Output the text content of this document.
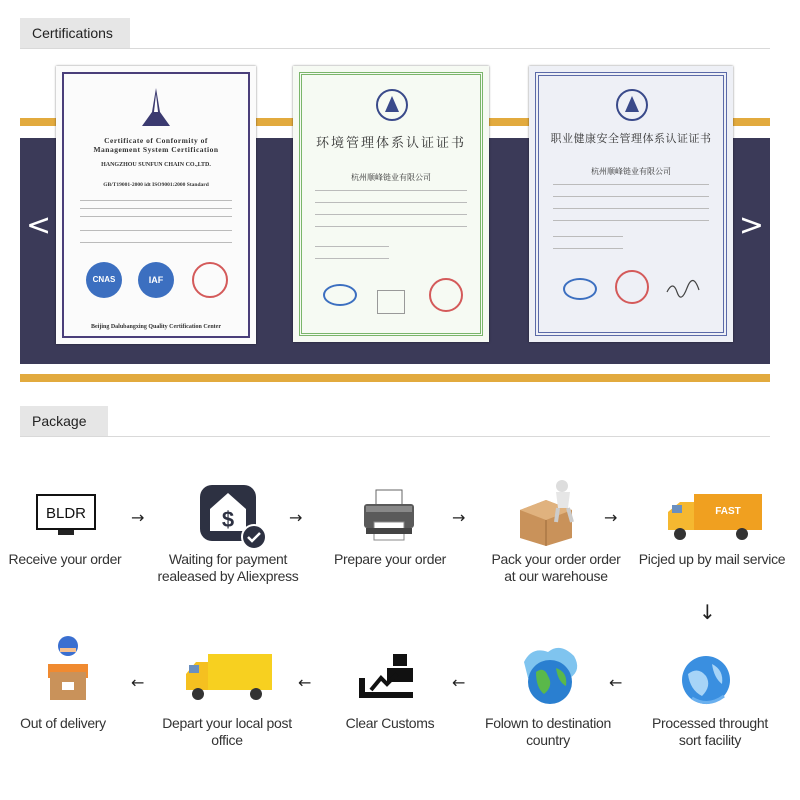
Certifications
<	>
Certificate of Conformity of
Management System Certification
HANGZHOU SUNFUN CHAIN CO.,LTD.
GB/T19001-2000 idt ISO9001:2000 Standard
CNAS	IAF
Beijing Dalubangxing Quality Certification Center
环境管理体系认证证书
杭州顺峰链业有限公司
职业健康安全管理体系认证证书
杭州顺峰链业有限公司
Package
BLDR
Receive your order
→	$
Waiting for payment realeased by Aliexpress
→
Prepare your order
→
Pack your order order at our warehouse
→	FAST
Picjed up by mail service
↓
Out of delivery
←
Depart your local post office
←
Clear Customs
←
Folown to destination country
←
Processed throught sort facility
